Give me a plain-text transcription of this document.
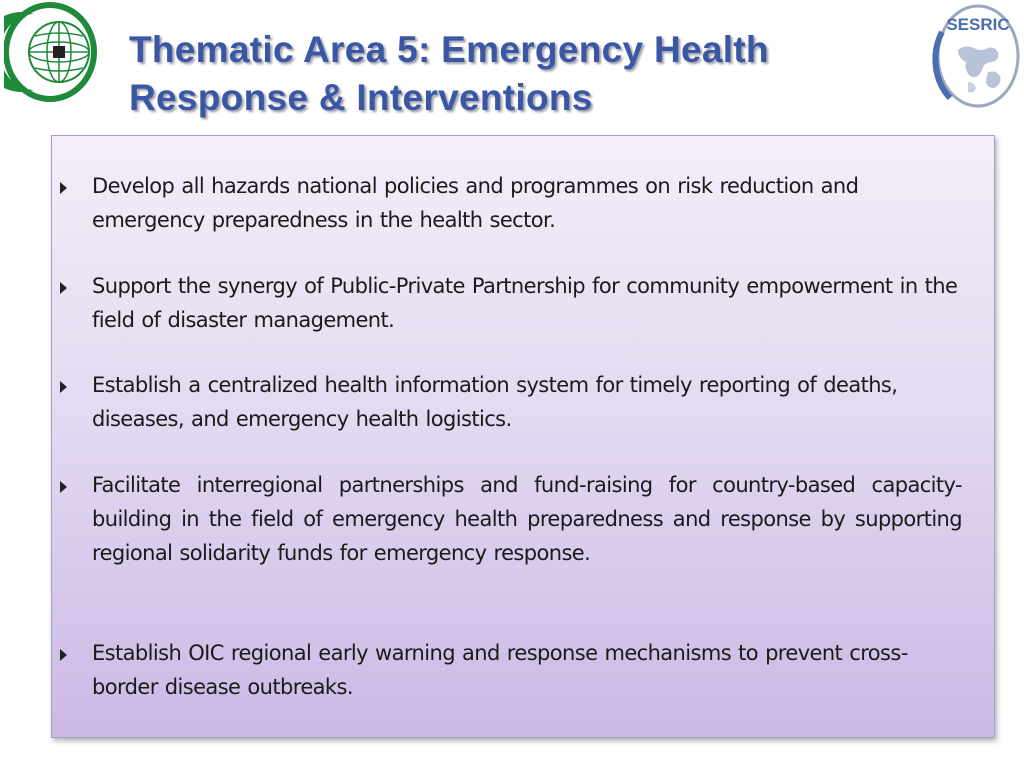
Thematic Area 5: Emergency Health
Response & Interventions
SESRIC

Develop all hazards national policies and programmes on risk reduction and emergency preparedness in the health sector.

Support the synergy of Public-Private Partnership for community empowerment in the field of disaster management.

Establish a centralized health information system for timely reporting of deaths, diseases, and emergency health logistics.

Facilitate interregional partnerships and fund-raising for country-based capacity-building in the field of emergency health preparedness and response by supporting regional solidarity funds for emergency response.

Establish OIC regional early warning and response mechanisms to prevent cross-border disease outbreaks.
